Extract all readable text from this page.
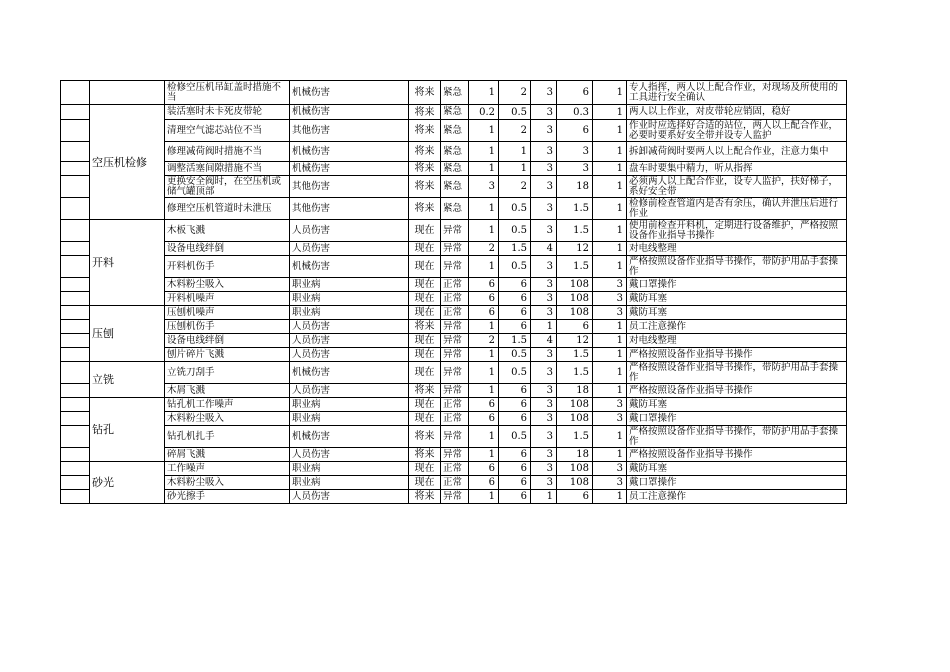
		检修空压机吊缸盖时措施不当	机械伤害	将来	紧急	1	2	3	6	1	专人指挥，两人以上配合作业，对现场及所使用的工具进行安全确认
	空压机检修	装活塞时未卡死皮带轮	机械伤害	将来	紧急	0.2	0.5	3	0.3	1	两人以上作业，对皮带轮应销固，稳好
		清理空气滤芯站位不当	其他伤害	将来	紧急	1	2	3	6	1	作业时应选择好合适的站位，两人以上配合作业，必要时要系好安全带并设专人监护
		修理减荷阀时措施不当	机械伤害	将来	紧急	1	1	3	3	1	拆卸减荷阀时要两人以上配合作业，注意力集中
		调整活塞间隙措施不当	机械伤害	将来	紧急	1	1	3	3	1	盘车时要集中精力，听从指挥
		更换安全阀时，在空压机或储气罐顶部	其他伤害	将来	紧急	3	2	3	18	1	必须两人以上配合作业，设专人监护，扶好梯子，系好安全带
		修理空压机管道时未泄压	其他伤害	将来	紧急	1	0.5	3	1.5	1	检修前检查管道内是否有余压，确认并泄压后进行作业
	开料	木板飞溅	人员伤害	现在	异常	1	0.5	3	1.5	1	使用前检查开料机，定期进行设备维护，严格按照设备作业指导书操作
		设备电线绊倒	人员伤害	现在	异常	2	1.5	4	12	1	对电线整理
		开料机伤手	机械伤害	现在	异常	1	0.5	3	1.5	1	严格按照设备作业指导书操作，带防护用品手套操作
		木料粉尘吸入	职业病	现在	正常	6	6	3	108	3	戴口罩操作
		开料机噪声	职业病	现在	正常	6	6	3	108	3	戴防耳塞
	压刨	压刨机噪声	职业病	现在	正常	6	6	3	108	3	戴防耳塞
		压刨机伤手	人员伤害	将来	异常	1	6	1	6	1	员工注意操作
		设备电线绊倒	人员伤害	现在	异常	2	1.5	4	12	1	对电线整理
		刨片碎片飞溅	人员伤害	现在	异常	1	0.5	3	1.5	1	严格按照设备作业指导书操作
	立铣	立铣刀刮手	机械伤害	现在	异常	1	0.5	3	1.5	1	严格按照设备作业指导书操作，带防护用品手套操作
		木屑飞溅	人员伤害	将来	异常	1	6	3	18	1	严格按照设备作业指导书操作
	钻孔	钻孔机工作噪声	职业病	现在	正常	6	6	3	108	3	戴防耳塞
		木料粉尘吸入	职业病	现在	正常	6	6	3	108	3	戴口罩操作
		钻孔机扎手	机械伤害	将来	异常	1	0.5	3	1.5	1	严格按照设备作业指导书操作，带防护用品手套操作
		碎屑飞溅	人员伤害	将来	异常	1	6	3	18	1	严格按照设备作业指导书操作
	砂光	工作噪声	职业病	现在	正常	6	6	3	108	3	戴防耳塞
		木料粉尘吸入	职业病	现在	正常	6	6	3	108	3	戴口罩操作
		砂光擦手	人员伤害	将来	异常	1	6	1	6	1	员工注意操作
